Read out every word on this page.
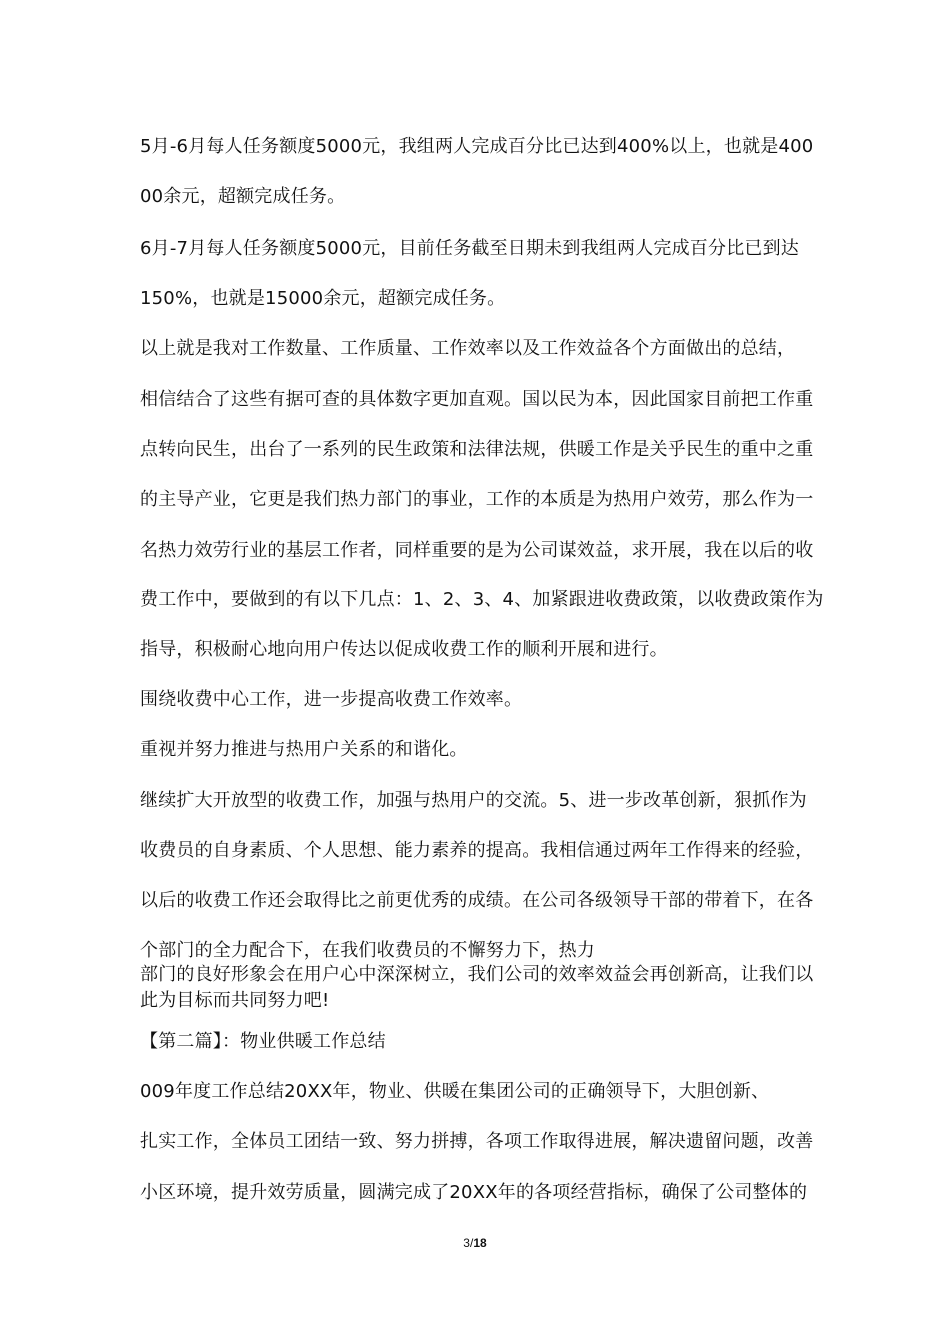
5月-6月每人任务额度5000元，我组两人完成百分比已达到400%以上，也就是400

00余元，超额完成任务。

6月-7月每人任务额度5000元，目前任务截至日期未到我组两人完成百分比已到达

150%，也就是15000余元，超额完成任务。

以上就是我对工作数量、工作质量、工作效率以及工作效益各个方面做出的总结，

相信结合了这些有据可查的具体数字更加直观。国以民为本，因此国家目前把工作重

点转向民生，出台了一系列的民生政策和法律法规，供暖工作是关乎民生的重中之重

的主导产业，它更是我们热力部门的事业，工作的本质是为热用户效劳，那么作为一

名热力效劳行业的基层工作者，同样重要的是为公司谋效益，求开展，我在以后的收

费工作中，要做到的有以下几点：1、2、3、4、加紧跟进收费政策，以收费政策作为

指导，积极耐心地向用户传达以促成收费工作的顺利开展和进行。

围绕收费中心工作，进一步提高收费工作效率。

重视并努力推进与热用户关系的和谐化。

继续扩大开放型的收费工作，加强与热用户的交流。5、进一步改革创新，狠抓作为

收费员的自身素质、个人思想、能力素养的提高。我相信通过两年工作得来的经验，

以后的收费工作还会取得比之前更优秀的成绩。在公司各级领导干部的带着下，在各

个部门的全力配合下，在我们收费员的不懈努力下，热力

部门的良好形象会在用户心中深深树立，我们公司的效率效益会再创新高，让我们以

此为目标而共同努力吧!

【第二篇】：物业供暖工作总结

009年度工作总结20XX年，物业、供暖在集团公司的正确领导下，大胆创新、

扎实工作，全体员工团结一致、努力拼搏，各项工作取得进展，解决遗留问题，改善

小区环境，提升效劳质量，圆满完成了20XX年的各项经营指标，确保了公司整体的

3/18
